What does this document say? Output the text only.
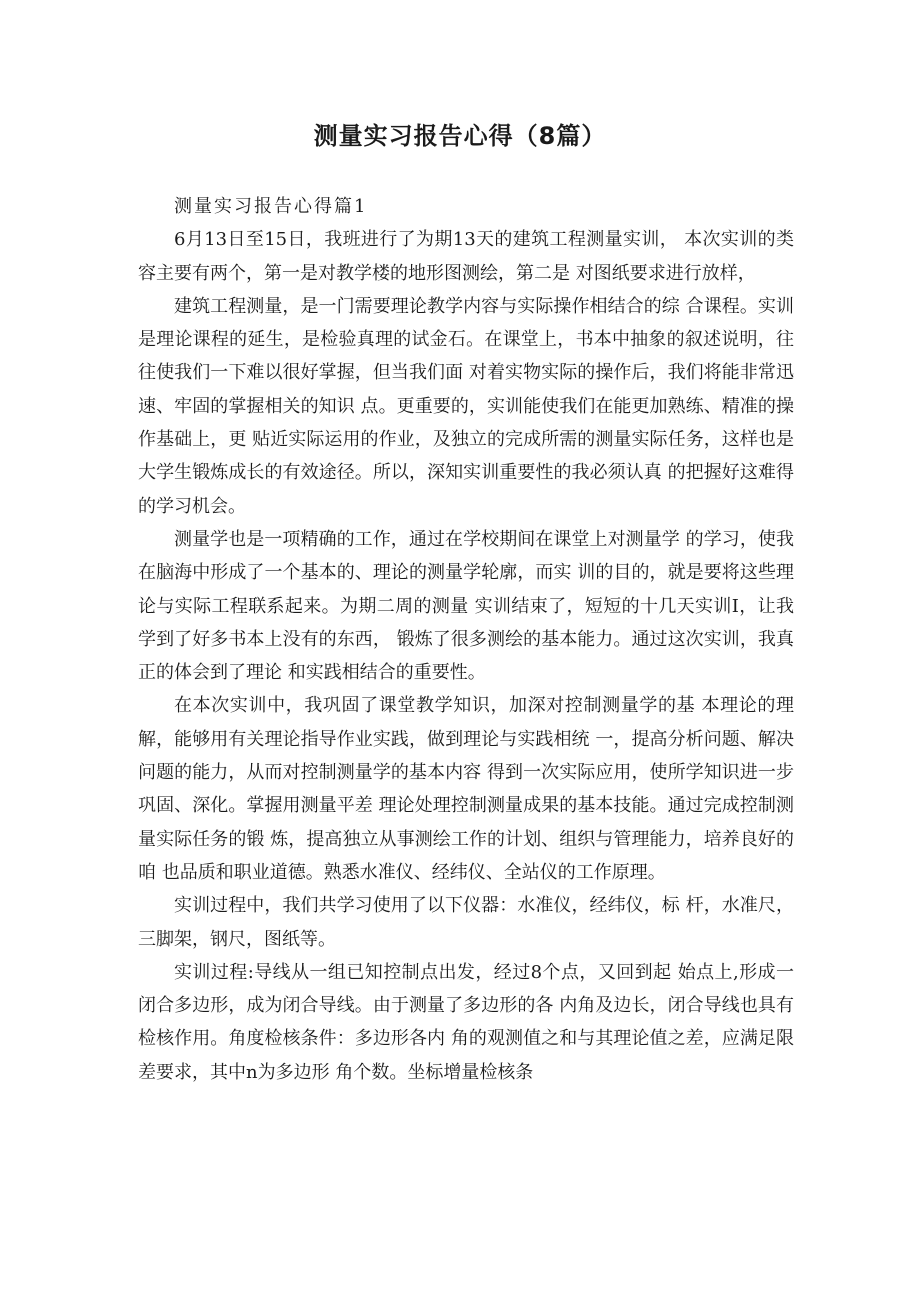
测量实习报告心得（8篇）

测量实习报告心得篇1

6月13日至15日，我班进行了为期13天的建筑工程测量实训， 本次实训的类容主要有两个，第一是对教学楼的地形图测绘，第二是 对图纸要求进行放样，

建筑工程测量，是一门需要理论教学内容与实际操作相结合的综 合课程。实训是理论课程的延生，是检验真理的试金石。在课堂上，书本中抽象的叙述说明，往往使我们一下难以很好掌握，但当我们面 对着实物实际的操作后，我们将能非常迅速、牢固的掌握相关的知识 点。更重要的，实训能使我们在能更加熟练、精准的操作基础上，更 贴近实际运用的作业，及独立的完成所需的测量实际任务，这样也是 大学生锻炼成长的有效途径。所以，深知实训重要性的我必须认真 的把握好这难得的学习机会。

测量学也是一项精确的工作，通过在学校期间在课堂上对测量学 的学习，使我在脑海中形成了一个基本的、理论的测量学轮廓，而实 训的目的，就是要将这些理论与实际工程联系起来。为期二周的测量 实训结束了，短短的十几天实训I，让我学到了好多书本上没有的东西， 锻炼了很多测绘的基本能力。通过这次实训，我真正的体会到了理论 和实践相结合的重要性。

在本次实训中，我巩固了课堂教学知识，加深对控制测量学的基 本理论的理解，能够用有关理论指导作业实践，做到理论与实践相统 一，提高分析问题、解决问题的能力，从而对控制测量学的基本内容 得到一次实际应用，使所学知识进一步巩固、深化。掌握用测量平差 理论处理控制测量成果的基本技能。通过完成控制测量实际任务的锻 炼，提高独立从事测绘工作的计划、组织与管理能力，培养良好的咱 也品质和职业道德。熟悉水准仪、经纬仪、全站仪的工作原理。

实训过程中，我们共学习使用了以下仪器：水准仪，经纬仪，标 杆，水准尺，三脚架，钢尺，图纸等。

实训过程:导线从一组已知控制点出发，经过8个点，又回到起 始点上,形成一闭合多边形，成为闭合导线。由于测量了多边形的各 内角及边长，闭合导线也具有检核作用。角度检核条件：多边形各内 角的观测值之和与其理论值之差，应满足限差要求，其中n为多边形 角个数。坐标增量检核条
